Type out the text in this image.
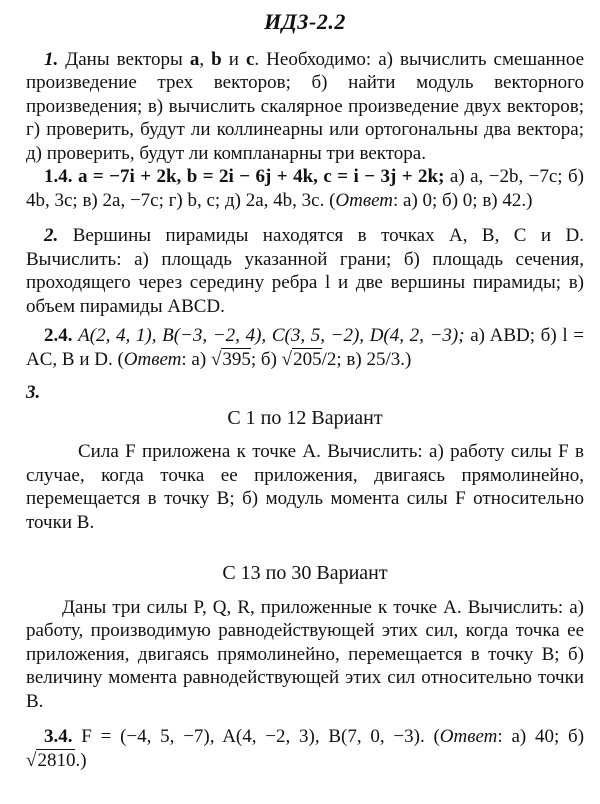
ИДЗ-2.2

1. Даны векторы a, b и c. Необходимо: а) вычислить смешанное произведение трех векторов; б) найти модуль векторного произведения; в) вычислить скалярное произведение двух векторов; г) проверить, будут ли коллинеарны или ортогональны два вектора; д) проверить, будут ли компланарны три вектора.

1.4. a = −7i + 2k, b = 2i − 6j + 4k, c = i − 3j + 2k; а) a, −2b, −7c; б) 4b, 3c; в) 2a, −7c; г) b, c; д) 2a, 4b, 3c. (Ответ: а) 0; б) 0; в) 42.)

2. Вершины пирамиды находятся в точках A, B, C и D. Вычислить: а) площадь указанной грани; б) площадь сечения, проходящего через середину ребра l и две вершины пирамиды; в) объем пирамиды ABCD.

2.4. A(2, 4, 1), B(−3, −2, 4), C(3, 5, −2), D(4, 2, −3); а) ABD; б) l = AC, B и D. (Ответ: а) √395; б) √205/2; в) 25/3.)

3.
С 1 по 12 Вариант

Сила F приложена к точке A. Вычислить: а) работу силы F в случае, когда точка ее приложения, двигаясь прямолинейно, перемещается в точку B; б) модуль момента силы F относительно точки B.

С 13 по 30 Вариант

Даны три силы P, Q, R, приложенные к точке A. Вычислить: а) работу, производимую равнодействующей этих сил, когда точка ее приложения, двигаясь прямолинейно, перемещается в точку B; б) величину момента равнодействующей этих сил относительно точки B.

3.4. F = (−4, 5, −7), A(4, −2, 3), B(7, 0, −3). (Ответ: а) 40; б) √2810.)
